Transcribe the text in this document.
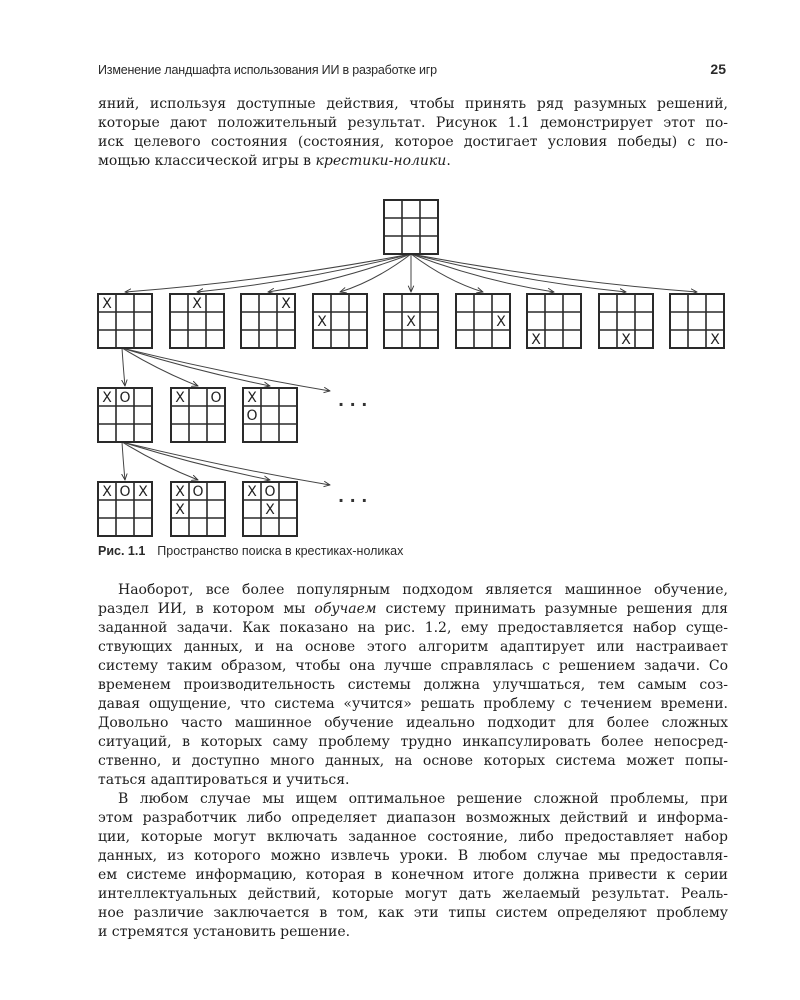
Изменение ландшафта использования ИИ в разработке игр	25
яний, используя доступные действия, чтобы принять ряд разумных решений,
которые дают положительный результат. Рисунок 1.1 демонстрирует этот по-
иск целевого состояния (состояния, которое достигает условия победы) с по-
мощью классической игры в крестики-нолики.
X	X	X
X	X	X
X	X	X
X O	X O X
O
X O X X O
X
X O
X
. . .
. . .
Рис. 1.1 Пространство поиска в крестиках-ноликах
Наоборот, все более популярным подходом является машинное обучение,
раздел ИИ, в котором мы обучаем систему принимать разумные решения для
заданной задачи. Как показано на рис. 1.2, ему предоставляется набор суще-
ствующих данных, и на основе этого алгоритм адаптирует или настраивает
систему таким образом, чтобы она лучше справлялась с решением задачи. Со
временем производительность системы должна улучшаться, тем самым соз-
давая ощущение, что система «учится» решать проблему с течением времени.
Довольно часто машинное обучение идеально подходит для более сложных
ситуаций, в которых саму проблему трудно инкапсулировать более непосред-
ственно, и доступно много данных, на основе которых система может попы-
таться адаптироваться и учиться.
В любом случае мы ищем оптимальное решение сложной проблемы, при
этом разработчик либо определяет диапазон возможных действий и информа-
ции, которые могут включать заданное состояние, либо предоставляет набор
данных, из которого можно извлечь уроки. В любом случае мы предоставля-
ем системе информацию, которая в конечном итоге должна привести к серии
интеллектуальных действий, которые могут дать желаемый результат. Реаль-
ное различие заключается в том, как эти типы систем определяют проблему
и стремятся установить решение.
